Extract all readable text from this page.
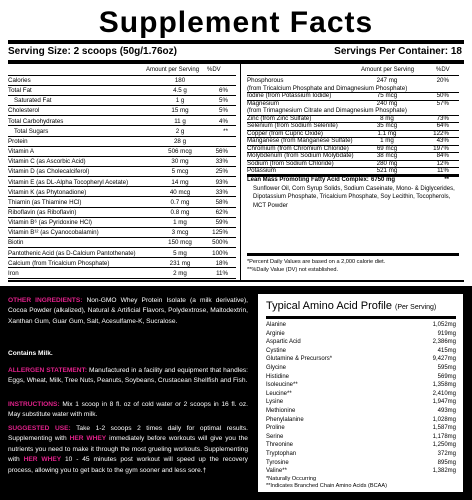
Supplement Facts
Serving Size: 2 scoops (50g/1.76oz)	Servings Per Container: 18
Amount per Serving %DV	Amount per Serving	%DV
Calories	180
Total Fat	4.5 g	6%
Saturated Fat	1 g	5%
Cholesterol	15 mg	5%
Total Carbohydrates	11 g	4%
Total Sugars	2 g	**
Protein	28 g
Vitamin A	506 mcg	56%
Vitamin C (as Ascorbic Acid)	30 mg	33%
Vitamin D (as Cholecalciferol)	5 mcg	25%
Vitamin E (as DL-Alpha Tocopheryl Acetate)	14 mg	93%
Vitamin K (as Phytonadione)	40 mcg	33%
Thiamin (as Thiamine HCl)	0.7 mg	58%
Riboflavin (as Riboflavin)	0.8 mg	62%
Vitamin B⁶ (as Pyridoxine HCl)	1 mg	59%
Vitamin B¹² (as Cyanocobalamin)	3 mcg	125%
Biotin	150 mcg	500%
Pantothenic Acid (as D-Calcium Pantothenate)	5 mg	100%
Calcium (from Tricalcium Phosphate)	231 mg	18%
Iron	2 mg	11%
Phosphorous	247 mg	20%
(from Tricalcium Phosphate and Dimagnesium Phosphate)
Iodine (from Potassium Iodide)	75 mcg	50%
Magnesium	240 mg	57%
(from Trimagnesium Citrate and Dimagnesium Phosphate)
Zinc (from Zinc Sulfate)	8 mg	73%
Selenium (from Sodium Selenite)	35 mcg	64%
Copper (from Cupric Oxide)	1.1 mg	122%
Manganese (from Manganese Sulfate)	1 mg	43%
Chromium (from Chromium Chloride)	69 mcg	197%
Molybdenum (from Sodium Molybdate)	38 mcg	84%
Sodium (from Sodium Chloride)	280 mg	12%
Potassium	521 mg	11%
Lean Mass Promoting Fatty Acid Complex: 6750 mg	**
Sunflower Oil, Corn Syrup Solids, Sodium Caseinate, Mono- & Diglycerides, Dipotassium Phosphate, Tricalcium Phosphate, Soy Lecithin, Tocopherols, MCT Powder
*Percent Daily Values are based on a 2,000 calorie diet.
**%Daily Value (DV) not established.
OTHER INGREDIENTS: Non-GMO Whey Protein Isolate (a milk derivative), Cocoa Powder (alkalized), Natural & Artificial Flavors, Polydextrose, Maltodextrin, Xanthan Gum, Guar Gum, Salt, Acesulfame-K, Sucralose.
Contains Milk.
ALLERGEN STATEMENT: Manufactured in a facility and equipment that handles: Eggs, Wheat, Milk, Tree Nuts, Peanuts, Soybeans, Crustacean Shellfish and Fish.
INSTRUCTIONS: Mix 1 scoop in 8 fl. oz of cold water or 2 scoops in 16 fl. oz. May substitute water with milk.
SUGGESTED USE: Take 1-2 scoops 2 times daily for optimal results. Supplementing with HER WHEY immediately before workouts will give you the nutrients you need to make it through the most grueling workouts. Supplementing with HER WHEY 10 - 45 minutes post workout will speed up the recovery process, allowing you to get back to the gym sooner and less sore.†
Typical Amino Acid Profile (Per Serving)
Alanine	1,052mg
Arginie	919mg
Aspartic Acid	2,386mg
Cystine	415mg
Glutamine & Precursors*	9,427mg
Glycine	595mg
Histidine	569mg
Isoleucine**	1,358mg
Leucine**	2,410mg
Lysine	1,947mg
Methionine	493mg
Phenylalanine	1,028mg
Proline	1,587mg
Serine	1,178mg
Threonine	1,250mg
Tryptophan	372mg
Tyrosine	895mg
Valine**	1,382mg
*Naturally Occurring
**Indicates Branched Chain Amino Acids (BCAA)
